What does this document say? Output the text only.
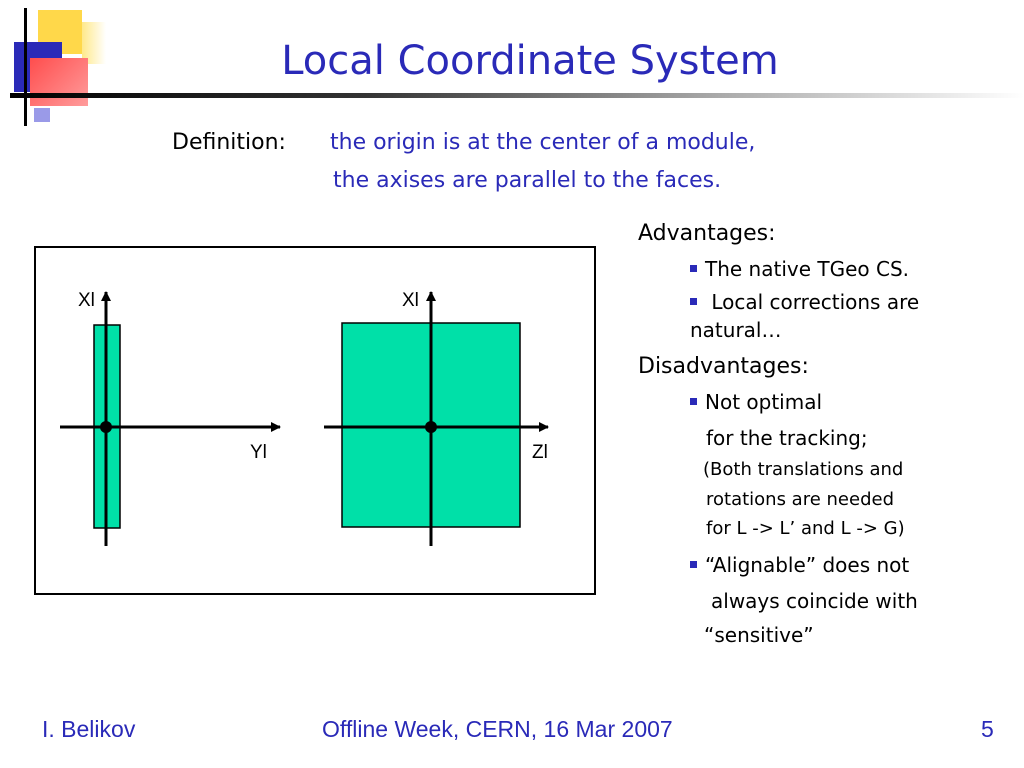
Local Coordinate System
Definition: the origin is at the center of a module,
the axises are parallel to the faces.
Xl
Yl
Xl
Zl
Advantages:
The native TGeo CS.
Local corrections are
natural…
Disadvantages:
Not optimal
for the tracking;
(Both translations and
rotations are needed
for L -> L’ and L -> G)
“Alignable” does not
always coincide with
“sensitive”
I. Belikov	Offline Week, CERN, 16 Mar 2007	5
